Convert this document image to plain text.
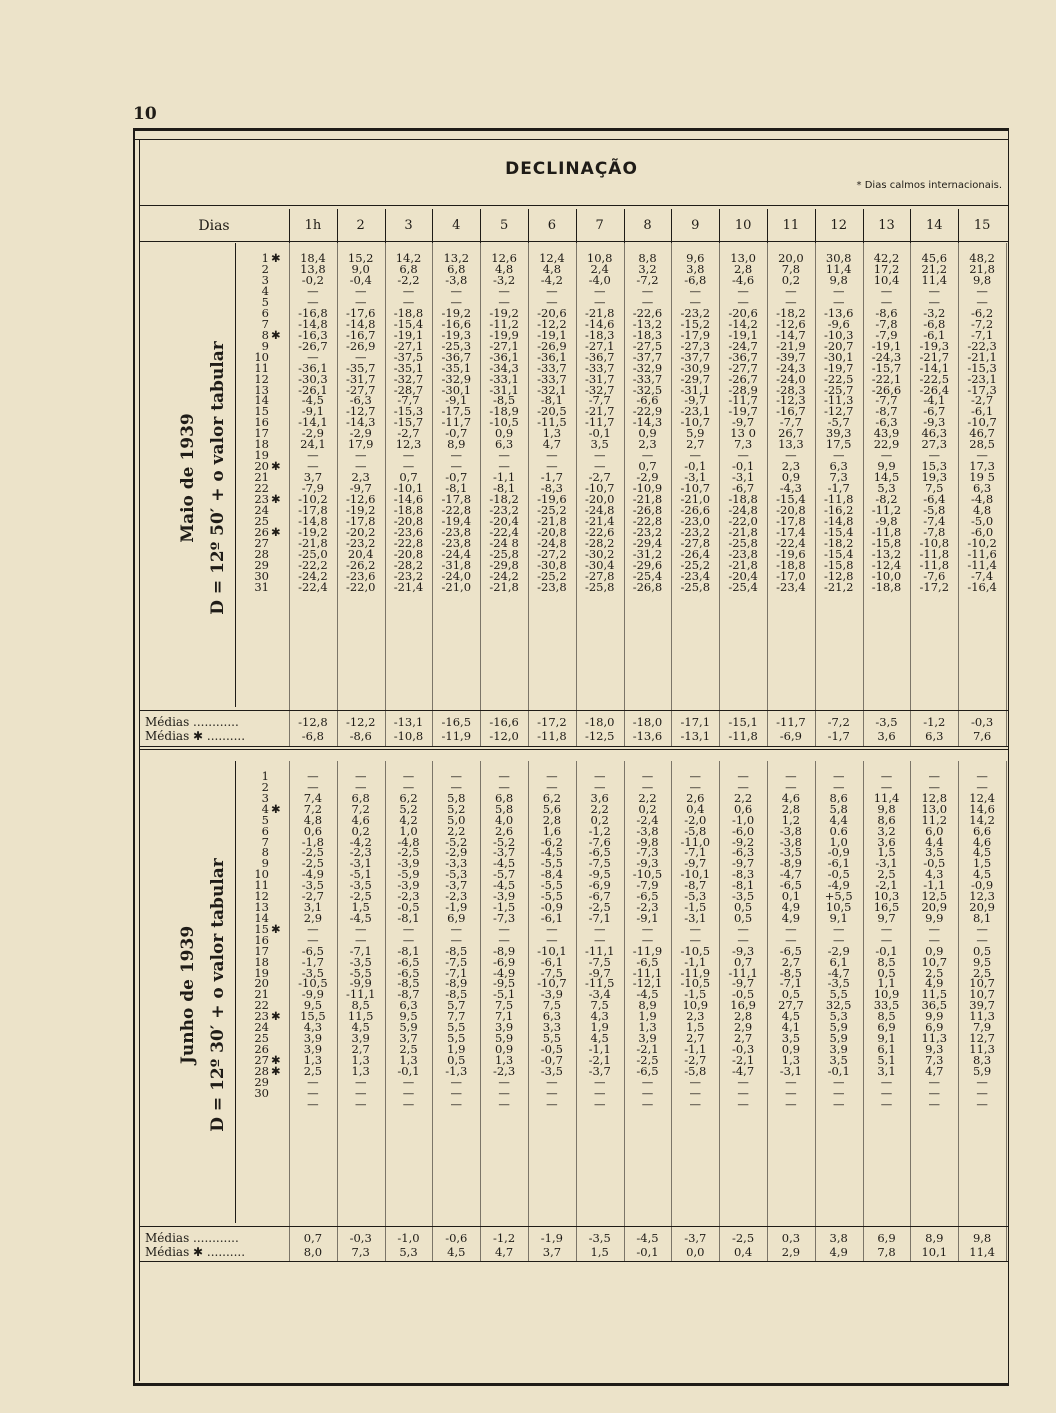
10
DECLINAÇÃO
* Dias calmos internacionais.
Dias	1h	2	3	4	5	6	7	8	9	10	11	12	13	14	15
Maio de 1939 D = 12º 50′ + o valor tabular
1 ✱	18,4	15,2	14,2	13,2	12,6	12,4	10,8	8,8	9,6	13,0	20,0	30,8	42,2	45,6	48,2
2	13,8	9,0	6,8	6,8	4,8	4,8	2,4	3,2	3,8	2,8	7,8	11,4	17,2	21,2	21,8
3	-0,2	-0,4	-2,2	-3,8	-3,2	-4,2	-4,0	-7,2	-6,8	-4,6	0,2	9,8	10,4	11,4	9,8
4	—	—	—	—	—	—	—	—	—	—	—	—	—	—	—
5	—	—	—	—	—	—	—	—	—	—	—	—	—	—	—
6	-16,8	-17,6	-18,8	-19,2	-19,2	-20,6	-21,8	-22,6	-23,2	-20,6	-18,2	-13,6	-8,6	-3,2	-6,2
7	-14,8	-14,8	-15,4	-16,6	-11,2	-12,2	-14,6	-13,2	-15,2	-14,2	-12,6	-9,6	-7,8	-6,8	-7,2
8 ✱	-16,3	-16,7	-19,1	-19,3	-19,9	-19,1	-18,3	-18,3	-17,9	-19,1	-14,7	-10,3	-7,9	-6,1	-7,1
9	-26,7	-26,9	-27,1	-25,3	-27,1	-26,9	-27,1	-27,5	-27,3	-24,7	-21,9	-20,7	-19,1	-19,3	-22,3
10	—	—	-37,5	-36,7	-36,1	-36,1	-36,7	-37,7	-37,7	-36,7	-39,7	-30,1	-24,3	-21,7	-21,1
11	-36,1	-35,7	-35,1	-35,1	-34,3	-33,7	-33,7	-32,9	-30,9	-27,7	-24,3	-19,7	-15,7	-14,1	-15,3
12	-30,3	-31,7	-32,7	-32,9	-33,1	-33,7	-31,7	-33,7	-29,7	-26,7	-24,0	-22,5	-22,1	-22,5	-23,1
13	-26,1	-27,7	-28,7	-30,1	-31,1	-32,1	-32,7	-32,5	-31,1	-28,9	-28,3	-25,7	-26,6	-26,4	-17,3
14	-4,5	-6,3	-7,7	-9,1	-8,5	-8,1	-7,7	-6,6	-9,7	-11,7	-12,3	-11,3	-7,7	-4,1	-2,7
15	-9,1	-12,7	-15,3	-17,5	-18,9	-20,5	-21,7	-22,9	-23,1	-19,7	-16,7	-12,7	-8,7	-6,7	-6,1
16	-14,1	-14,3	-15,7	-11,7	-10,5	-11,5	-11,7	-14,3	-10,7	-9,7	-7,7	-5,7	-6,3	-9,3	-10,7
17	-2,9	-2,9	-2,7	-0,7	0,9	1,3	-0,1	0,9	5,9	13 0	26,7	39,3	43,9	46,3	46,7
18	24,1	17,9	12,3	8,9	6,3	4,7	3,5	2,3	2,7	7,3	13,3	17,5	22,9	27,3	28,5
19	—	—	—	—	—	—	—	—	—	—	—	—	—	—	—
20 ✱	—	—	—	—	—	—	—	0,7	-0,1	-0,1	2,3	6,3	9,9	15,3	17,3
21	3,7	2,3	0,7	-0,7	-1,1	-1,7	-2,7	-2,9	-3,1	-3,1	0,9	7,3	14,5	19,3	19 5
22	-7,9	-9,7	-10,1	-8,1	-8,1	-8,3	-10,7	-10,9	-10,7	-6,7	-4,3	-1,7	5,3	7,5	6,3
23 ✱	-10,2	-12,6	-14,6	-17,8	-18,2	-19,6	-20,0	-21,8	-21,0	-18,8	-15,4	-11,8	-8,2	-6,4	-4,8
24	-17,8	-19,2	-18,8	-22,8	-23,2	-25,2	-24,8	-26,8	-26,6	-24,8	-20,8	-16,2	-11,2	-5,8	4,8
25	-14,8	-17,8	-20,8	-19,4	-20,4	-21,8	-21,4	-22,8	-23,0	-22,0	-17,8	-14,8	-9,8	-7,4	-5,0
26 ✱	-19,2	-20,2	-23,6	-23,8	-22,4	-20,8	-22,6	-23,2	-23,2	-21,8	-17,4	-15,4	-11,8	-7,8	-6,0
27	-21,8	-23,2	-22,8	-23,8	-24 8	-24,8	-28,2	-29,4	-27,8	-25,8	-22,4	-18,2	-15,8	-10,8	-10,2
28	-25,0	20,4	-20,8	-24,4	-25,8	-27,2	-30,2	-31,2	-26,4	-23,8	-19,6	-15,4	-13,2	-11,8	-11,6
29	-22,2	-26,2	-28,2	-31,8	-29,8	-30,8	-30,4	-29,6	-25,2	-21,8	-18,8	-15,8	-12,4	-11,8	-11,4
30	-24,2	-23,6	-23,2	-24,0	-24,2	-25,2	-27,8	-25,4	-23,4	-20,4	-17,0	-12,8	-10,0	-7,6	-7,4
31	-22,4	-22,0	-21,4	-21,0	-21,8	-23,8	-25,8	-26,8	-25,8	-25,4	-23,4	-21,2	-18,8	-17,2	-16,4
Médias ............	-12,8	-12,2	-13,1	-16,5	-16,6	-17,2	-18,0	-18,0	-17,1	-15,1	-11,7	-7,2	-3,5	-1,2	-0,3
Médias ✱ ..........	-6,8	-8,6	-10,8	-11,9	-12,0	-11,8	-12,5	-13,6	-13,1	-11,8	-6,9	-1,7	3,6	6,3	7,6
Junho de 1939 D = 12º 30′ + o valor tabular
1	—	—	—	—	—	—	—	—	—	—	—	—	—	—	—
2	—	—	—	—	—	—	—	—	—	—	—	—	—	—	—
3	7,4	6,8	6,2	5,8	6,8	6,2	3,6	2,2	2,6	2,2	4,6	8,6	11,4	12,8	12,4
4 ✱	7,2	7,2	5,2	5,2	5,8	5,6	2,2	0,2	0,4	0,6	2,8	5,8	9,8	13,0	14,6
5	4,8	4,6	4,2	5,0	4,0	2,8	0,2	-2,4	-2,0	-1,0	1,2	4,4	8,6	11,2	14,2
6	0,6	0,2	1,0	2,2	2,6	1,6	-1,2	-3,8	-5,8	-6,0	-3,8	0.6	3,2	6,0	6,6
7	-1,8	-4,2	-4,8	-5,2	-5,2	-6,2	-7,6	-9,8	-11,0	-9,2	-3,8	1,0	3,6	4,4	4,6
8	-2,5	-2,3	-2,5	-2,9	-3,7	-4,5	-6,5	-7,3	-7,1	-6,3	-3,5	-0,9	1,5	3,5	4,5
9	-2,5	-3,1	-3,9	-3,3	-4,5	-5,5	-7,5	-9,3	-9,7	-9,7	-8,9	-6,1	-3,1	-0,5	1,5
10	-4,9	-5,1	-5,9	-5,3	-5,7	-8,4	-9,5	-10,5	-10,1	-8,3	-4,7	-0,5	2,5	4,3	4,5
11	-3,5	-3,5	-3,9	-3,7	-4,5	-5,5	-6,9	-7,9	-8,7	-8,1	-6,5	-4,9	-2,1	-1,1	-0,9
12	-2,7	-2,5	-2,3	-2,3	-3,9	-5,5	-6,7	-6,5	-5,3	-3,5	0,1	+5,5	10,3	12,5	12,3
13	3,1	1,5	-0,5	-1,9	-1,5	-0,9	-2,5	-2,3	-1,5	0,5	4,9	10,5	16,5	20,9	20,9
14	2,9	-4,5	-8,1	6,9	-7,3	-6,1	-7,1	-9,1	-3,1	0,5	4,9	9,1	9,7	9,9	8,1
15 ✱	—	—	—	—	—	—	—	—	—	—	—	—	—	—	—
16	—	—	—	—	—	—	—	—	—	—	—	—	—	—	—
17	-6,5	-7,1	-8,1	-8,5	-8,9	-10,1	-11,1	-11,9	-10,5	-9,3	-6,5	-2,9	-0,1	0,9	0,5
18	-1,7	-3,5	-6,5	-7,5	-6,9	-6,1	-7,5	-6,5	-1,1	0,7	2,7	6,1	8,5	10,7	9,5
19	-3,5	-5,5	-6,5	-7,1	-4,9	-7,5	-9,7	-11,1	-11,9	-11,1	-8,5	-4,7	0,5	2,5	2,5
20	-10,5	-9,9	-8,5	-8,9	-9,5	-10,7	-11,5	-12,1	-10,5	-9,7	-7,1	-3,5	1,1	4,9	10,7
21	-9,9	-11,1	-8,7	-8,5	-5,1	-3,9	-3,4	-4,5	-1,5	-0,5	0,5	5,5	10,9	11,5	10,7
22	9,5	8,5	6,3	5,7	7,5	7,5	7,5	8,9	10,9	16,9	27,7	32,5	33,5	36,5	39,7
23 ✱	15,5	11,5	9,5	7,7	7,1	6,3	4,3	1,9	2,3	2,8	4,5	5,3	8,5	9,9	11,3
24	4,3	4,5	5,9	5,5	3,9	3,3	1,9	1,3	1,5	2,9	4,1	5,9	6,9	6,9	7,9
25	3,9	3,9	3,7	5,5	5,9	5,5	4,5	3,9	2,7	2,7	3,5	5,9	9,1	11,3	12,7
26	3,9	2,7	2,5	1,9	0,9	-0,5	-1,1	-2,1	-1,1	-0,3	0,9	3,9	6,1	9,3	11,3
27 ✱	1,3	1,3	1,3	0,5	1,3	-0,7	-2,1	-2,5	-2,7	-2,1	1,3	3,5	5,1	7,3	8,3
28 ✱	2,5	1,3	-0,1	-1,3	-2,3	-3,5	-3,7	-6,5	-5,8	-4,7	-3,1	-0,1	3,1	4,7	5,9
29	—	—	—	—	—	—	—	—	—	—	—	—	—	—	—
30	—	—	—	—	—	—	—	—	—	—	—	—	—	—	—
—	—	—	—	—	—	—	—	—	—	—	—	—	—	—
Médias ............	0,7	-0,3	-1,0	-0,6	-1,2	-1,9	-3,5	-4,5	-3,7	-2,5	0,3	3,8	6,9	8,9	9,8
Médias ✱ ..........	8,0	7,3	5,3	4,5	4,7	3,7	1,5	-0,1	0,0	0,4	2,9	4,9	7,8	10,1	11,4
